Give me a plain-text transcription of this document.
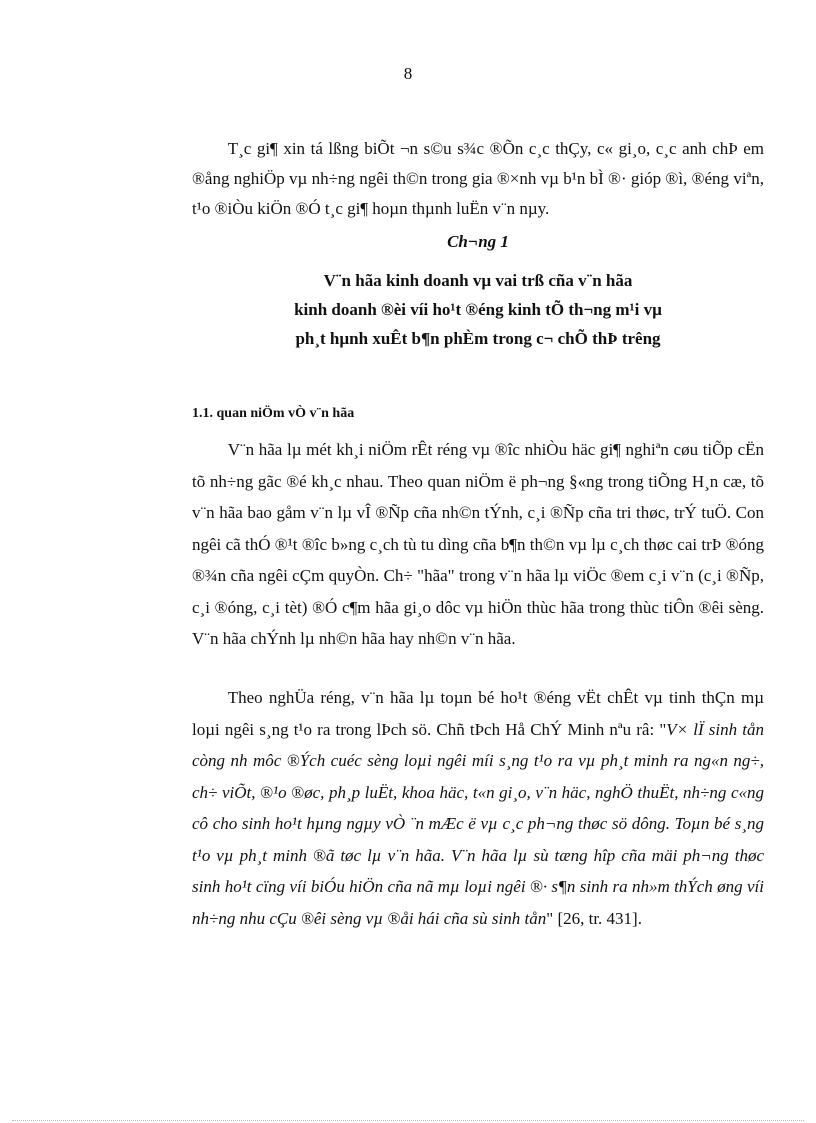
8

T¸c gi¶ xin tá lßng biÕt ¬n s©u s¾c ®Õn c¸c thÇy, c« gi¸o, c¸c anh chÞ em ®ång nghiÖp vµ nh÷ng ngêi th©n trong gia ®×nh vµ b¹n bÌ ®· gióp ®ì, ®éng viªn, t¹o ®iÒu kiÖn ®Ó t¸c gi¶ hoµn thµnh luËn v¨n nµy.

Ch¬ng 1
V¨n hãa kinh doanh vµ vai trß cña v¨n hãa
kinh doanh ®èi víi ho¹t ®éng kinh tÕ th¬ng m¹i vµ
ph¸t hµnh xuÊt b¶n phÈm trong c¬ chÕ thÞ trêng
1.1. quan niÖm vÒ v¨n hãa

V¨n hãa lµ mét kh¸i niÖm rÊt réng vµ ®îc nhiÒu häc gi¶ nghiªn cøu tiÕp cËn tõ nh÷ng gãc ®é kh¸c nhau. Theo quan niÖm ë ph¬ng §«ng trong tiÕng H¸n cæ, tõ v¨n hãa bao gåm v¨n lµ vÎ ®Ñp cña nh©n tÝnh, c¸i ®Ñp cña tri thøc, trÝ tuÖ. Con ngêi cã thÓ ®¹t ®îc b»ng c¸ch tù tu dìng cña b¶n th©n vµ lµ c¸ch thøc cai trÞ ®óng ®¾n cña ngêi cÇm quyÒn. Ch÷ "hãa" trong v¨n hãa lµ viÖc ®em c¸i v¨n (c¸i ®Ñp, c¸i ®óng, c¸i tèt) ®Ó c¶m hãa gi¸o dôc vµ hiÖn thùc hãa trong thùc tiÔn ®êi sèng. V¨n hãa chÝnh lµ nh©n hãa hay nh©n v¨n hãa.

Theo nghÜa réng, v¨n hãa lµ toµn bé ho¹t ®éng vËt chÊt vµ tinh thÇn mµ loµi ngêi s¸ng t¹o ra trong lÞch sö. Chñ tÞch Hå ChÝ Minh nªu râ: "V× lÏ sinh tån còng nh môc ®Ých cuéc sèng loµi ngêi míi s¸ng t¹o ra vµ ph¸t minh ra ng«n ng÷, ch÷ viÕt, ®¹o ®øc, ph¸p luËt, khoa häc, t«n gi¸o, v¨n häc, nghÖ thuËt, nh÷ng c«ng cô cho sinh ho¹t hµng ngµy vÒ ¨n mÆc ë vµ c¸c ph¬ng thøc sö dông. Toµn bé s¸ng t¹o vµ ph¸t minh ®ã tøc lµ v¨n hãa. V¨n hãa lµ sù tæng hîp cña mäi ph¬ng thøc sinh ho¹t cïng víi biÓu hiÖn cña nã mµ loµi ngêi ®· s¶n sinh ra nh»m thÝch øng víi nh÷ng nhu cÇu ®êi sèng vµ ®åi hái cña sù sinh tån" [26, tr. 431].
